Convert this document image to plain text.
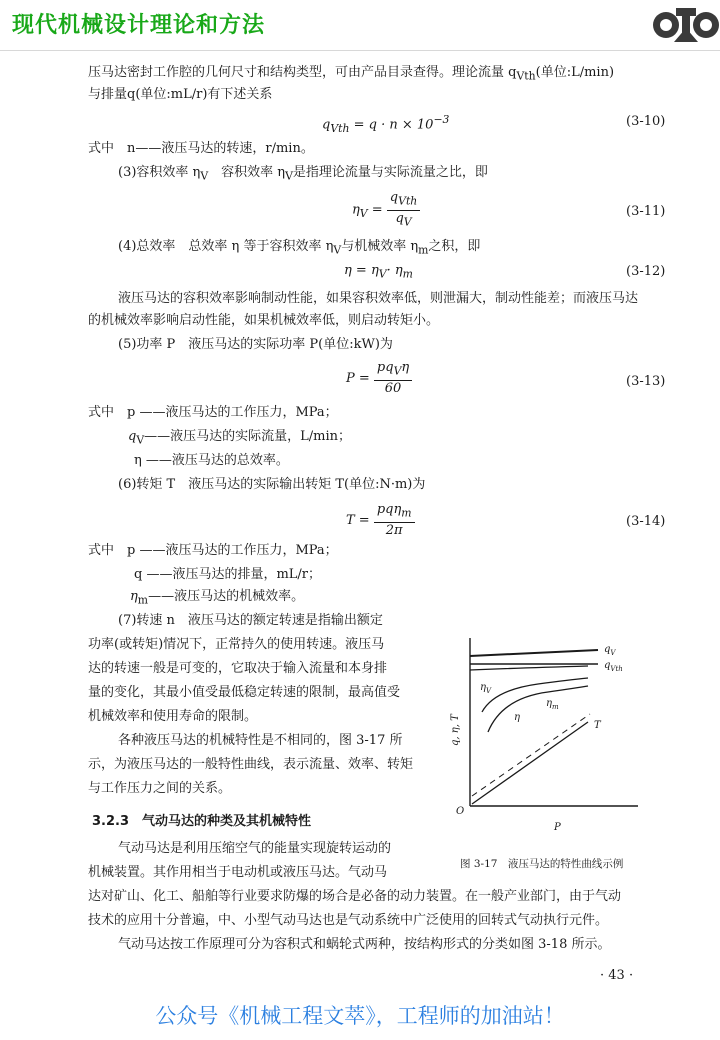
现代机械设计理论和方法
压马达密封工作腔的几何尺寸和结构类型，可由产品目录查得。理论流量 $q_{Vth}$(单位:L/min)
与排量q(单位:mL/r)有下述关系
$q_{Vth} = q \cdot n \times 10^{-3}$	(3-10)
式中　n——液压马达的转速，r/min。
(3)容积效率 $\eta_V$　容积效率 $\eta_V$是指理论流量与实际流量之比，即
$\eta_V = \frac{q_{Vth}}{q_V}$	(3-11)
(4)总效率　总效率 η 等于容积效率 $\eta_V$与机械效率 $\eta_m$之积，即
$\eta = \eta_V\cdot \eta_m$	(3-12)
液压马达的容积效率影响制动性能，如果容积效率低，则泄漏大，制动性能差；而液压马达
的机械效率影响启动性能，如果机械效率低，则启动转矩小。
(5)功率 P　液压马达的实际功率 P(单位:kW)为
$P = \frac{pq_V\eta}{60}$	(3-13)
式中　p ——液压马达的工作压力，MPa；
$q_V——$液压马达的实际流量，L/min；
η ——液压马达的总效率。
(6)转矩 T　液压马达的实际输出转矩 T(单位:N·m)为
$T = \frac{pq\eta_m}{2\pi}$	(3-14)
式中　p ——液压马达的工作压力，MPa；
q ——液压马达的排量，mL/r；
$\eta_m——$液压马达的机械效率。
(7)转速 n　液压马达的额定转速是指输出额定
功率(或转矩)情况下，正常持久的使用转速。液压马
达的转速一般是可变的，它取决于输入流量和本身排
量的变化，其最小值受最低稳定转速的限制，最高值受
机械效率和使用寿命的限制。
各种液压马达的机械特性是不相同的，图 3-17 所
示，为液压马达的一般特性曲线，表示流量、效率、转矩
与工作压力之间的关系。
3.2.3　气动马达的种类及其机械特性
气动马达是利用压缩空气的能量实现旋转运动的
机械装置。其作用相当于电动机或液压马达。气动马
达对矿山、化工、船舶等行业要求防爆的场合是必备的动力装置。在一般产业部门，由于气动
技术的应用十分普遍，中、小型气动马达也是气动系统中广泛使用的回转式气动执行元件。
气动马达按工作原理可分为容积式和蜗轮式两种，按结构形式的分类如图 3-18 所示。
$q_V$
$q_{Vth}$
$\eta_V$
$\eta_m$
η
T
q, η, T
P
O
图 3-17　液压马达的特性曲线示例
· 43 ·
公众号《机械工程文萃》，工程师的加油站！
